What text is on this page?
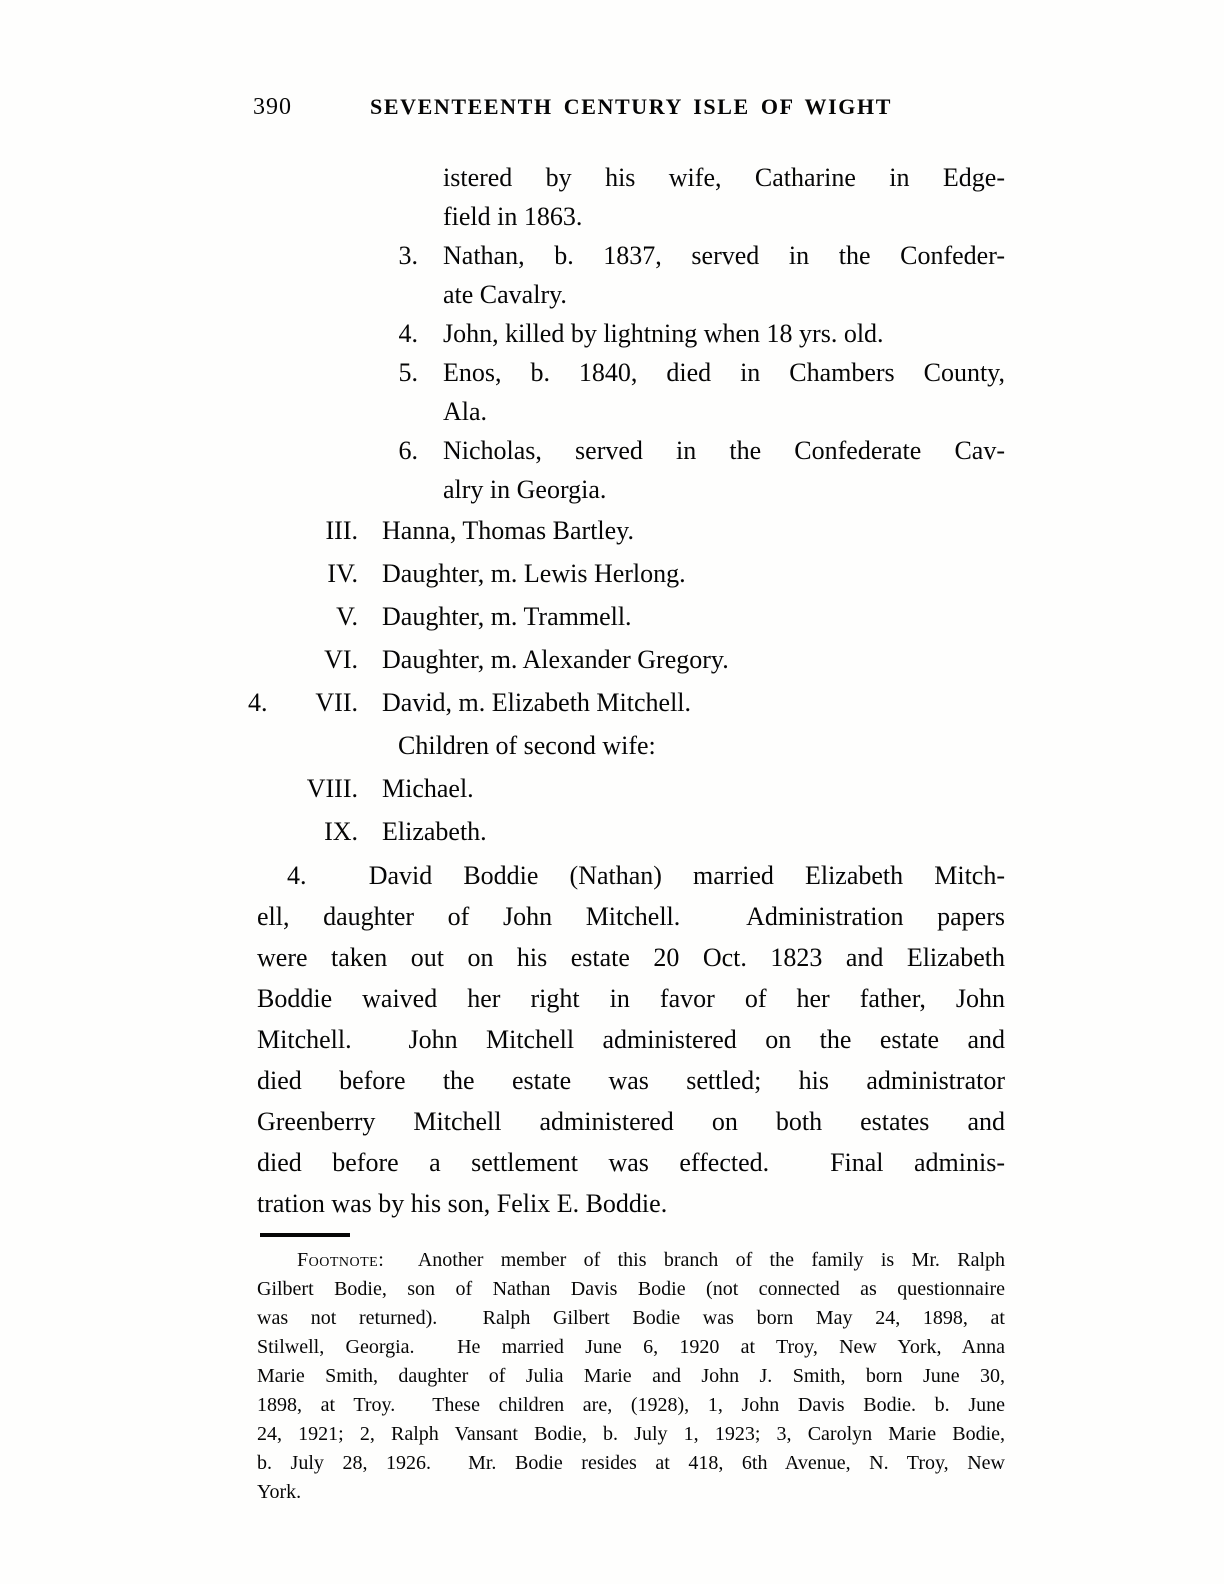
390	SEVENTEENTH CENTURY ISLE OF WIGHT
istered by his wife, Catharine in Edge-
field in 1863.
3. Nathan, b. 1837, served in the Confeder-
ate Cavalry.
4. John, killed by lightning when 18 yrs. old.
5. Enos, b. 1840, died in Chambers County,
Ala.
6. Nicholas, served in the Confederate Cav-
alry in Georgia.
III. Hanna, Thomas Bartley.
IV. Daughter, m. Lewis Herlong.
V. Daughter, m. Trammell.
VI. Daughter, m. Alexander Gregory.
4.	VII. David, m. Elizabeth Mitchell.
Children of second wife:
VIII. Michael.
IX. Elizabeth.
4.  David Boddie (Nathan) married Elizabeth Mitch-
ell, daughter of John Mitchell.  Administration papers
were taken out on his estate 20 Oct. 1823 and Elizabeth
Boddie waived her right in favor of her father, John
Mitchell.  John Mitchell administered on the estate and
died before the estate was settled; his administrator
Greenberry Mitchell administered on both estates and
died before a settlement was effected.  Final adminis-
tration was by his son, Felix E. Boddie.
Footnote:  Another member of this branch of the family is Mr. Ralph
Gilbert Bodie, son of Nathan Davis Bodie (not connected as questionnaire
was not returned).  Ralph Gilbert Bodie was born May 24, 1898, at
Stilwell, Georgia.  He married June 6, 1920 at Troy, New York, Anna
Marie Smith, daughter of Julia Marie and John J. Smith, born June 30,
1898, at Troy.  These children are, (1928), 1, John Davis Bodie. b. June
24, 1921; 2, Ralph Vansant Bodie, b. July 1, 1923; 3, Carolyn Marie Bodie,
b. July 28, 1926.  Mr. Bodie resides at 418, 6th Avenue, N. Troy, New
York.
